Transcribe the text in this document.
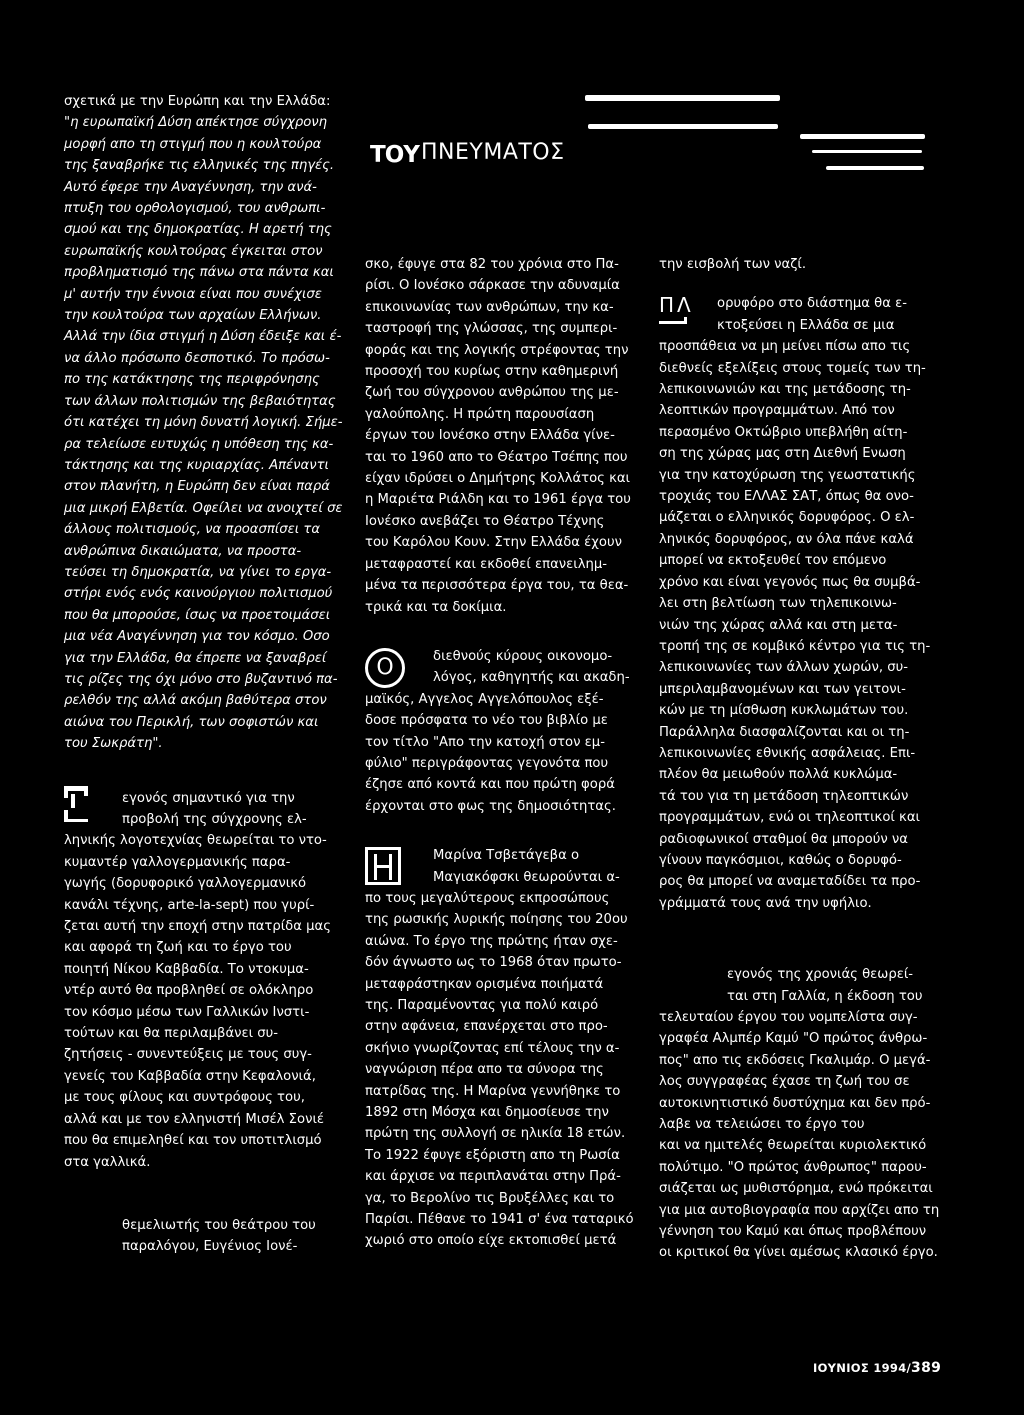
ΤΟΥ ΠΝΕΥΜΑΤΟΣ

σχετικά με την Ευρώπη και την Ελλάδα:

"η ευρωπαϊκή Δύση απέκτησε σύγχρονη

μορφή απο τη στιγμή που η κουλτούρα

της ξαναβρήκε τις ελληνικές της πηγές.

Αυτό έφερε την Αναγέννηση, την ανά-

πτυξη του ορθολογισμού, του ανθρωπι-

σμού και της δημοκρατίας. Η αρετή της

ευρωπαϊκής κουλτούρας έγκειται στον

προβληματισμό της πάνω στα πάντα και

μ' αυτήν την έννοια είναι που συνέχισε

την κουλτούρα των αρχαίων Ελλήνων.

Αλλά την ίδια στιγμή η Δύση έδειξε και έ-

να άλλο πρόσωπο δεσποτικό. Το πρόσω-

πο της κατάκτησης της περιφρόνησης

των άλλων πολιτισμών της βεβαιότητας

ότι κατέχει τη μόνη δυνατή λογική. Σήμε-

ρα τελείωσε ευτυχώς η υπόθεση της κα-

τάκτησης και της κυριαρχίας. Απέναντι

στον πλανήτη, η Ευρώπη δεν είναι παρά

μια μικρή Ελβετία. Οφείλει να ανοιχτεί σε

άλλους πολιτισμούς, να προασπίσει τα

ανθρώπινα δικαιώματα, να προστα-

τεύσει τη δημοκρατία, να γίνει το εργα-

στήρι ενός ενός καινούργιου πολιτισμού

που θα μπορούσε, ίσως να προετοιμάσει

μια νέα Αναγέννηση για τον κόσμο. Οσο

για την Ελλάδα, θα έπρεπε να ξαναβρεί

τις ρίζες της όχι μόνο στο βυζαντινό πα-

ρελθόν της αλλά ακόμη βαθύτερα στον

αιώνα του Περικλή, των σοφιστών και

του Σωκράτη".

εγονός σημαντικό για την

προβολή της σύγχρονης ελ-

ληνικής λογοτεχνίας θεωρείται το ντο-

κυμαντέρ γαλλογερμανικής παρα-

γωγής (δορυφορικό γαλλογερμανικό

κανάλι τέχνης, arte-la-sept) που γυρί-

ζεται αυτή την εποχή στην πατρίδα μας

και αφορά τη ζωή και το έργο του

ποιητή Νίκου Καββαδία. Το ντοκυμα-

ντέρ αυτό θα προβληθεί σε ολόκληρο

τον κόσμο μέσω των Γαλλικών Ινστι-

τούτων και θα περιλαμβάνει συ-

ζητήσεις - συνεντεύξεις με τους συγ-

γενείς του Καββαδία στην Κεφαλονιά,

με τους φίλους και συντρόφους του,

αλλά και με τον ελληνιστή Μισέλ Σονιέ

που θα επιμεληθεί και τον υποτιτλισμό

στα γαλλικά.

θεμελιωτής του θεάτρου του

παραλόγου, Ευγένιος Ιονέ-

σκο, έφυγε στα 82 του χρόνια στο Πα-

ρίσι. Ο Ιονέσκο σάρκασε την αδυναμία

επικοινωνίας των ανθρώπων, την κα-

ταστροφή της γλώσσας, της συμπερι-

φοράς και της λογικής στρέφοντας την

προσοχή του κυρίως στην καθημερινή

ζωή του σύγχρονου ανθρώπου της με-

γαλούπολης. Η πρώτη παρουσίαση

έργων του Ιονέσκο στην Ελλάδα γίνε-

ται το 1960 απο το Θέατρο Τσέπης που

είχαν ιδρύσει ο Δημήτρης Κολλάτος και

η Μαριέτα Ριάλδη και το 1961 έργα του

Ιονέσκο ανεβάζει το Θέατρο Τέχνης

του Καρόλου Κουν. Στην Ελλάδα έχουν

μεταφραστεί και εκδοθεί επανειλημ-

μένα τα περισσότερα έργα του, τα θεα-

τρικά και τα δοκίμια.

Ο	διεθνούς κύρους οικονομο-

λόγος, καθηγητής και ακαδη-

μαϊκός, Αγγελος Αγγελόπουλος εξέ-

δοσε πρόσφατα το νέο του βιβλίο με

τον τίτλο "Απο την κατοχή στον εμ-

φύλιο" περιγράφοντας γεγονότα που

έζησε από κοντά και που πρώτη φορά

έρχονται στο φως της δημοσιότητας.

Μαρίνα Τσβετάγεβα ο

Μαγιακόφσκι θεωρούνται α-

πο τους μεγαλύτερους εκπροσώπους

της ρωσικής λυρικής ποίησης του 20ου

αιώνα. Το έργο της πρώτης ήταν σχε-

δόν άγνωστο ως το 1968 όταν πρωτο-

μεταφράστηκαν ορισμένα ποιήματά

της. Παραμένοντας για πολύ καιρό

στην αφάνεια, επανέρχεται στο προ-

σκήνιο γνωρίζοντας επί τέλους την α-

ναγνώριση πέρα απο τα σύνορα της

πατρίδας της. Η Μαρίνα γεννήθηκε το

1892 στη Μόσχα και δημοσίευσε την

πρώτη της συλλογή σε ηλικία 18 ετών.

Το 1922 έφυγε εξόριστη απο τη Ρωσία

και άρχισε να περιπλανάται στην Πρά-

γα, το Βερολίνο τις Βρυξέλλες και το

Παρίσι. Πέθανε το 1941 σ' ένα ταταρικό

χωριό στο οποίο είχε εκτοπισθεί μετά

την εισβολή των ναζί.

ΠΛ	ορυφόρο στο διάστημα θα ε-

κτοξεύσει η Ελλάδα σε μια

προσπάθεια να μη μείνει πίσω απο τις

διεθνείς εξελίξεις στους τομείς των τη-

λεπικοινωνιών και της μετάδοσης τη-

λεοπτικών προγραμμάτων. Από τον

περασμένο Οκτώβριο υπεβλήθη αίτη-

ση της χώρας μας στη Διεθνή Ενωση

για την κατοχύρωση της γεωστατικής

τροχιάς του ΕΛΛΑΣ ΣΑΤ, όπως θα ονο-

μάζεται ο ελληνικός δορυφόρος. Ο ελ-

ληνικός δορυφόρος, αν όλα πάνε καλά

μπορεί να εκτοξευθεί τον επόμενο

χρόνο και είναι γεγονός πως θα συμβά-

λει στη βελτίωση των τηλεπικοινω-

νιών της χώρας αλλά και στη μετα-

τροπή της σε κομβικό κέντρο για τις τη-

λεπικοινωνίες των άλλων χωρών, συ-

μπεριλαμβανομένων και των γειτονι-

κών με τη μίσθωση κυκλωμάτων του.

Παράλληλα διασφαλίζονται και οι τη-

λεπικοινωνίες εθνικής ασφάλειας. Επι-

πλέον θα μειωθούν πολλά κυκλώμα-

τά του για τη μετάδοση τηλεοπτικών

προγραμμάτων, ενώ οι τηλεοπτικοί και

ραδιοφωνικοί σταθμοί θα μπορούν να

γίνουν παγκόσμιοι, καθώς ο δορυφό-

ρος θα μπορεί να αναμεταδίδει τα προ-

γράμματά τους ανά την υφήλιο.

εγονός της χρονιάς θεωρεί-

ται στη Γαλλία, η έκδοση του

τελευταίου έργου του νομπελίστα συγ-

γραφέα Αλμπέρ Καμύ "Ο πρώτος άνθρω-

πος" απο τις εκδόσεις Γκαλιμάρ. Ο μεγά-

λος συγγραφέας έχασε τη ζωή του σε

αυτοκινητιστικό δυστύχημα και δεν πρό-

λαβε να τελειώσει το έργο του

και να ημιτελές θεωρείται κυριολεκτικό

πολύτιμο. "Ο πρώτος άνθρωπος" παρου-

σιάζεται ως μυθιστόρημα, ενώ πρόκειται

για μια αυτοβιογραφία που αρχίζει απο τη

γέννηση του Καμύ και όπως προβλέπουν

οι κριτικοί θα γίνει αμέσως κλασικό έργο.

ΙΟΥΝΙΟΣ 1994/389
